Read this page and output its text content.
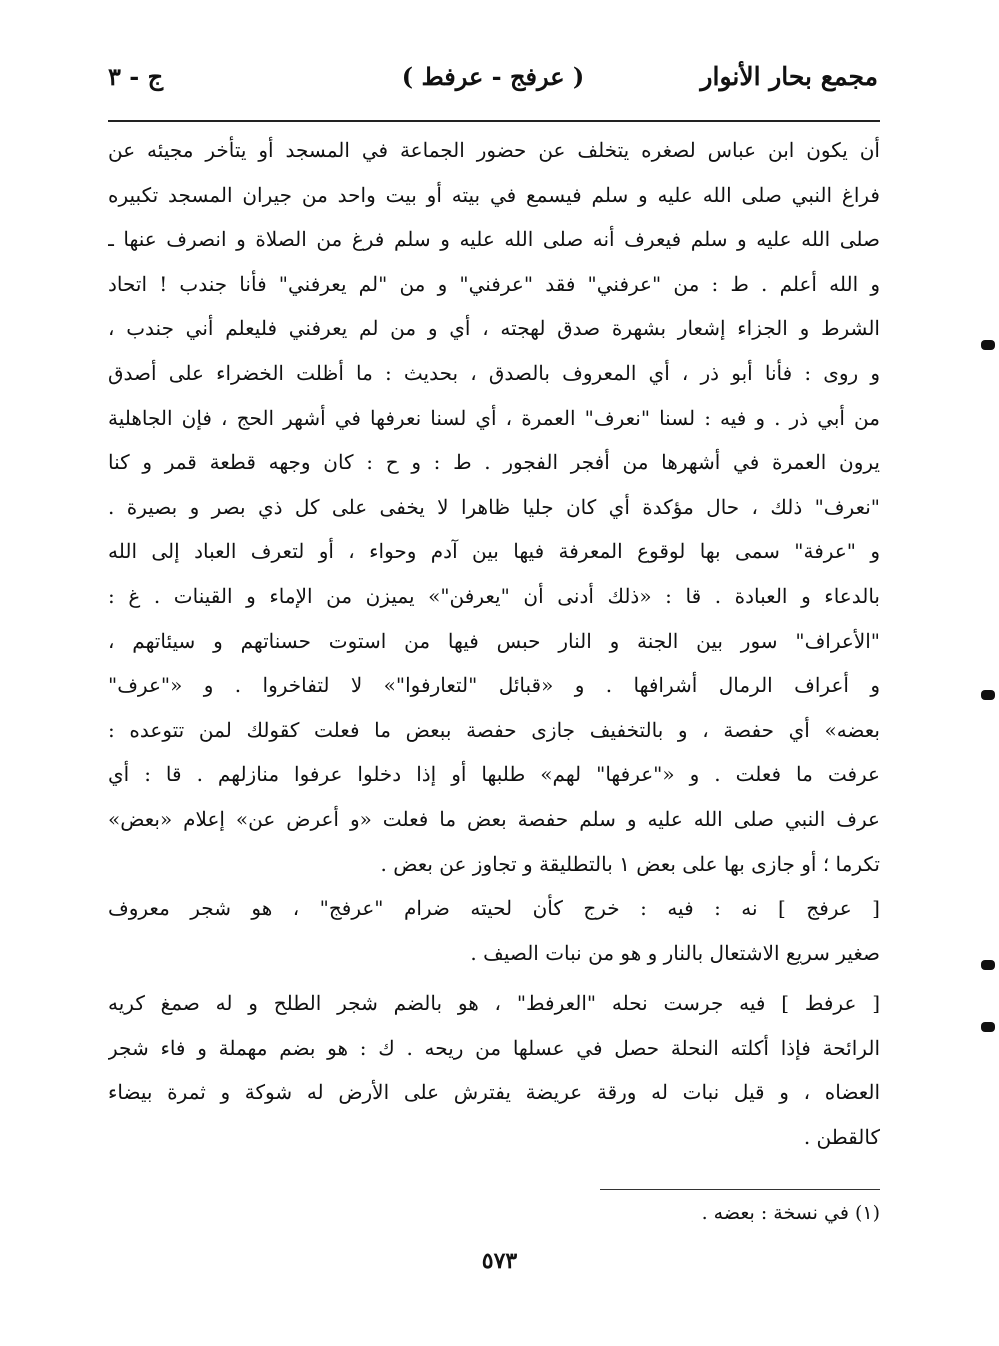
مجمع بحار الأنوار
( عرفج - عرفط )
ج - ٣
أن يكون ابن عباس لصغره يتخلف عن حضور الجماعة في المسجد أو يتأخر مجيئه عن
فراغ النبي صلى الله عليه و سلم فيسمع في بيته أو بيت واحد من جيران المسجد تكبيره
صلى الله عليه و سلم فيعرف أنه صلى الله عليه و سلم فرغ من الصلاة و انصرف عنها ـ
و الله أعلم . ط : من "عرفني" فقد "عرفني" و من "لم يعرفني" فأنا جندب ! اتحاد
الشرط و الجزاء إشعار بشهرة صدق لهجته ، أي و من لم يعرفني فليعلم أني جندب ،
و روى : فأنا أبو ذر ، أي المعروف بالصدق ، بحديث : ما أظلت الخضراء على أصدق
من أبي ذر . و فيه : لسنا "نعرف" العمرة ، أي لسنا نعرفها في أشهر الحج ، فإن الجاهلية
يرون العمرة في أشهرها من أفجر الفجور . ط : و ح : كان وجهه قطعة قمر و كنا
"نعرف" ذلك ، حال مؤكدة أي كان جليا ظاهرا لا يخفى على كل ذي بصر و بصيرة .
و "عرفة" سمى بها لوقوع المعرفة فيها بين آدم وحواء ، أو لتعرف العباد إلى الله
بالدعاء و العبادة . قا : «ذلك أدنى أن "يعرفن"» يميزن من الإماء و القينات . غ :
"الأعراف" سور بين الجنة و النار حبس فيها من استوت حسناتهم و سيئاتهم ،
و أعراف الرمال أشرافها . و «قبائل "لتعارفوا"» لا لتفاخروا . و «"عرف"
بعضه» أي حفصة ، و بالتخفيف جازى حفصة ببعض ما فعلت كقولك لمن تتوعده :
عرفت ما فعلت . و «"عرفها" لهم» طلبها أو إذا دخلوا عرفوا منازلهم . قا : أي
عرف النبي صلى الله عليه و سلم حفصة بعض ما فعلت «و أعرض عن» إعلام «بعض»
تكرما ؛ أو جازى بها على بعض ١ بالتطليقة و تجاوز عن بعض .
[ عرفج ] نه : فيه : خرج كأن لحيته ضرام "عرفج" ، هو شجر معروف
صغير سريع الاشتعال بالنار و هو من نبات الصيف .
[ عرفط ] فيه جرست نحله "العرفط" ، هو بالضم شجر الطلح و له صمغ كريه
الرائحة فإذا أكلته النحلة حصل في عسلها من ريحه . ك : هو بضم مهملة و فاء شجر
العضاه ، و قيل نبات له ورقة عريضة يفترش على الأرض له شوكة و ثمرة بيضاء
كالقطن .
(١) في نسخة : بعضه .
٥٧٣
